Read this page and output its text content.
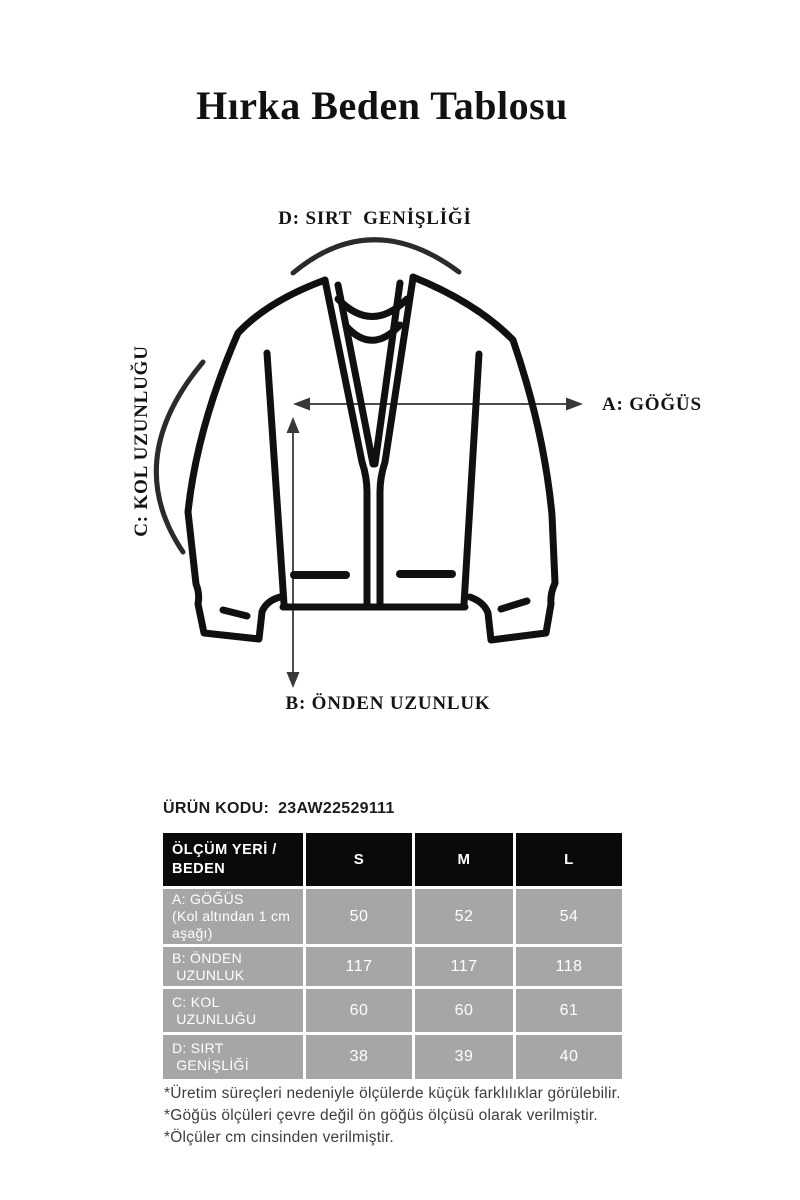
Hırka Beden Tablosu
D: SIRT  GENİŞLİĞİ
C: KOL UZUNLUĞU	A: GÖĞÜS
B: ÖNDEN UZUNLUK
ÜRÜN KODU: 23AW22529111
ÖLÇÜM YERİ /
BEDEN
S	M	L
A: GÖĞÜS
(Kol altından 1 cm
aşağı)
50	52	54
B: ÖNDEN
UZUNLUK	117	117	118
C: KOL
UZUNLUĞU	60	60	61
D: SIRT
GENİŞLİĞİ	38	39	40
*Üretim süreçleri nedeniyle ölçülerde küçük farklılıklar görülebilir.
*Göğüs ölçüleri çevre değil ön göğüs ölçüsü olarak verilmiştir.
*Ölçüler cm cinsinden verilmiştir.
